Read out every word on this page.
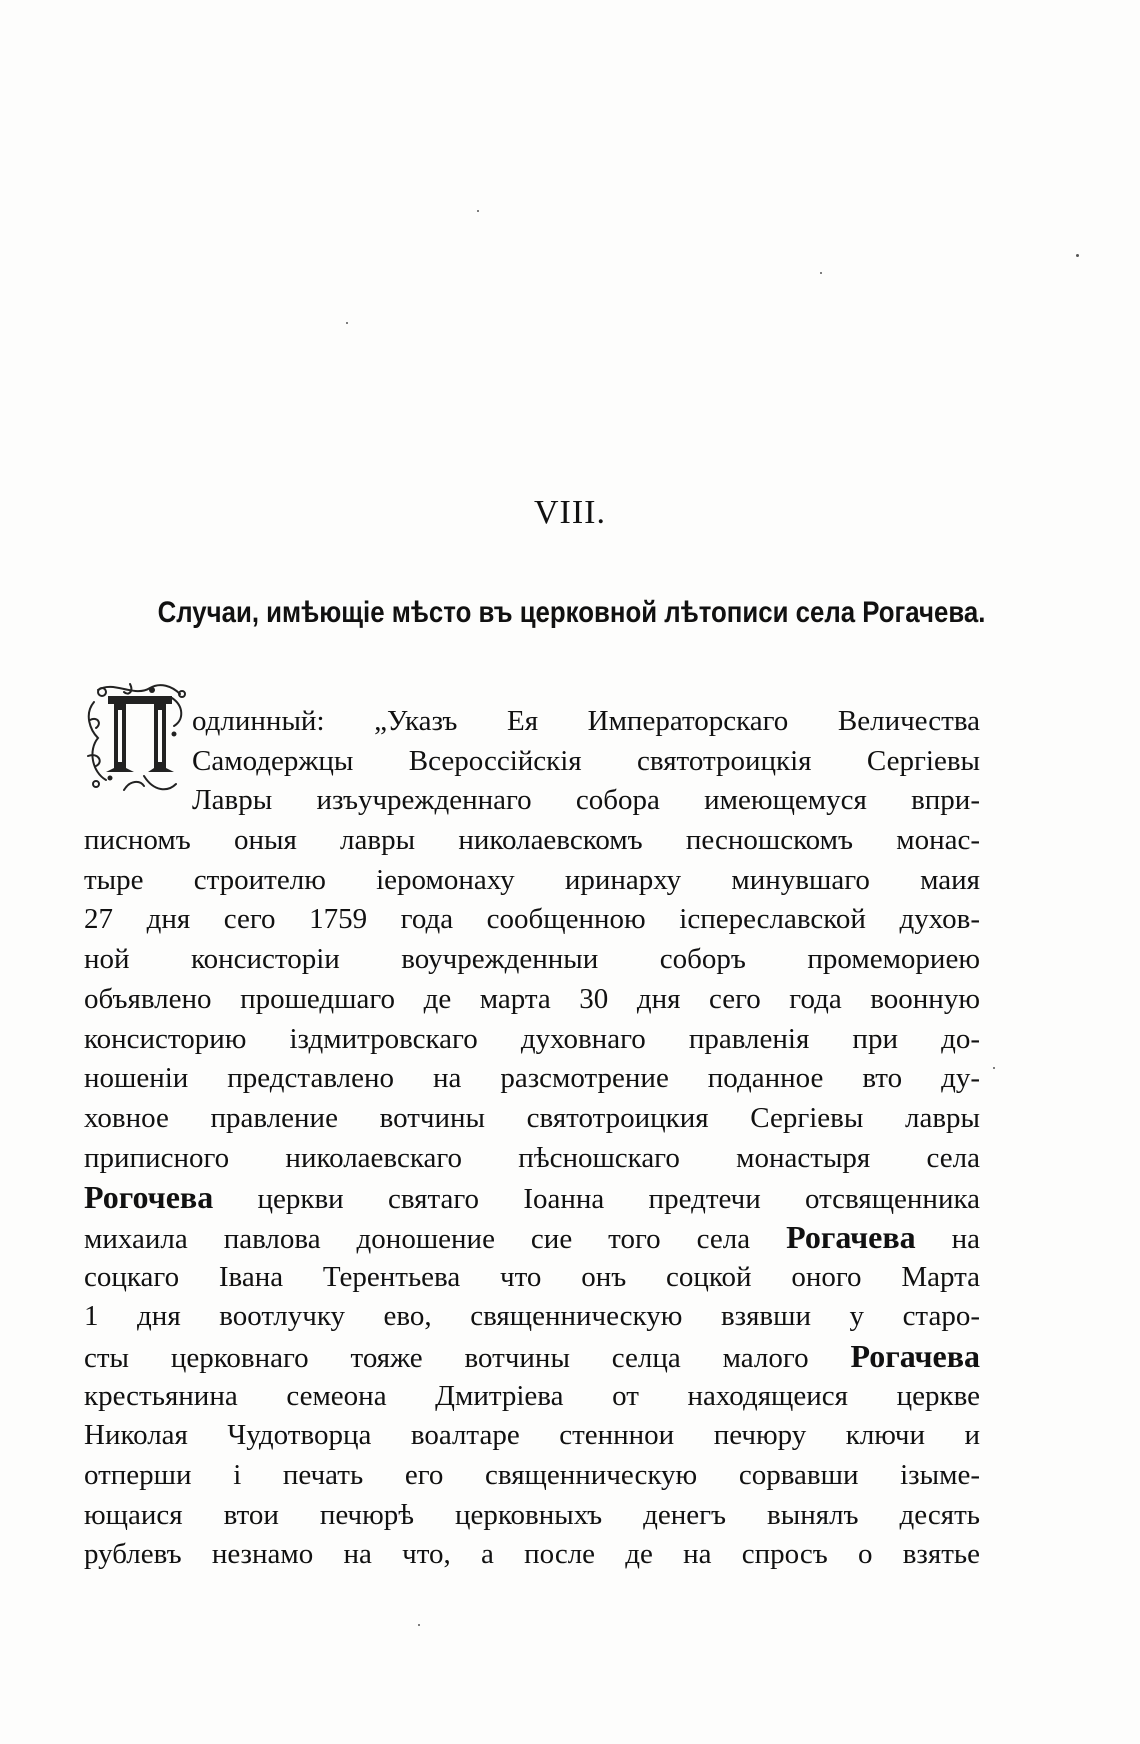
VIII.
Случаи, имѣющіе мѣсто въ церковной лѣтописи села Рогачева.
одлинный: „Указъ Ея Императорскаго Величества
Самодержцы Всероссійскія святотроицкія Сергіевы
Лавры изъучрежденнаго собора имеющемуся впри-
писномъ оныя лавры николаевскомъ песношскомъ монас-
тыре строителю іеромонаху иринарху минувшаго маия
27 дня сего 1759 года сообщенною іспереславской духов-
ной консисторіи воучрежденныи соборъ промемориею
объявлено прошедшаго де марта 30 дня сего года воонную
консисторию іздмитровскаго духовнаго правленія при до-
ношеніи представлено на разсмотрение поданное вто ду-
ховное правление вотчины святотроицкия Сергіевы лавры
приписного николаевскаго пѣсношскаго монастыря села
Рогочева церкви святаго Іоанна предтечи отсвященника
михаила павлова доношение сие того села Рогачева на
соцкаго Івана Терентьева что онъ соцкой оного Марта
1 дня воотлучку ево, священническую взявши у старо-
сты церковнаго тояже вотчины селца малого Рогачева
крестьянина семеона Дмитріева от находящеися церкве
Николая Чудотворца воалтаре стенннои печюру ключи и
отперши і печать его священническую сорвавши ізыме-
ющаися втои печюрѣ церковныхъ денегъ вынялъ десять
рублевъ незнамо на что, а после де на спросъ о взятье
